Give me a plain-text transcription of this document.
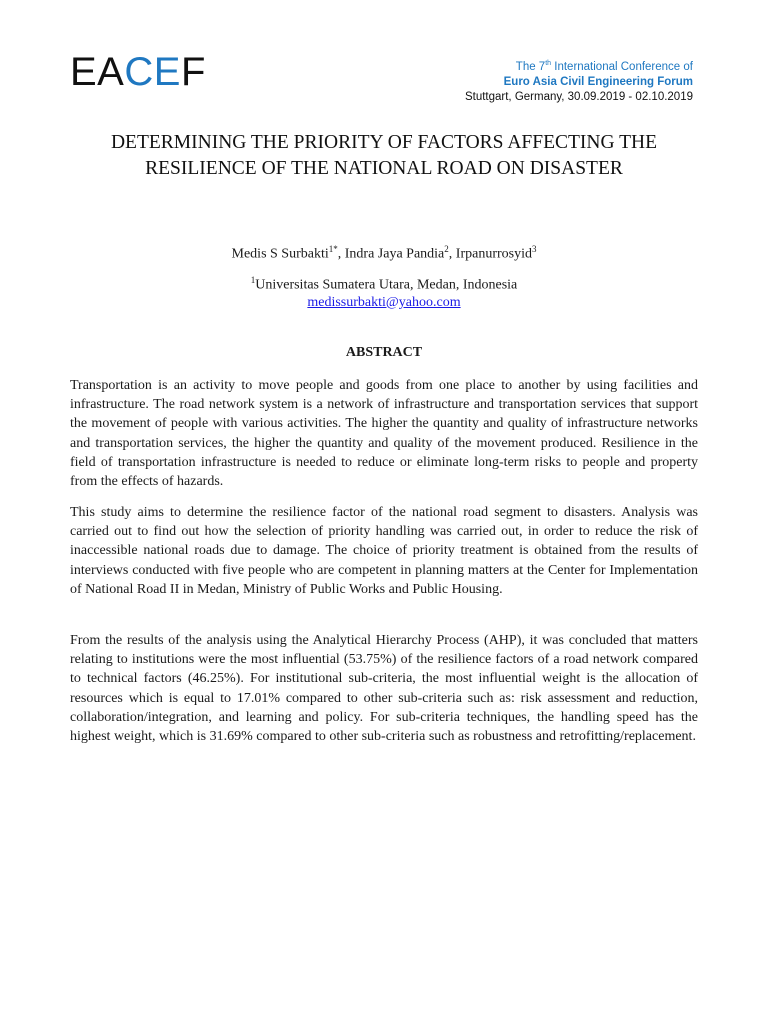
EACEF	The 7th International Conference of
Euro Asia Civil Engineering Forum
Stuttgart, Germany, 30.09.2019 - 02.10.2019
DETERMINING THE PRIORITY OF FACTORS AFFECTING THE
RESILIENCE OF THE NATIONAL ROAD ON DISASTER
Medis S Surbakti$^{1*}$, Indra Jaya Pandia$^2$, Irpanurrosyid$^3$
$^1$Universitas Sumatera Utara, Medan, Indonesia
medissurbakti@yahoo.com
ABSTRACT

Transportation is an activity to move people and goods from one place to another by using facilities and infrastructure. The road network system is a network of infrastructure and transportation services that support the movement of people with various activities. The higher the quantity and quality of infrastructure networks and transportation services, the higher the quantity and quality of the movement produced. Resilience in the field of transportation infrastructure is needed to reduce or eliminate long-term risks to people and property from the effects of hazards.

This study aims to determine the resilience factor of the national road segment to disasters. Analysis was carried out to find out how the selection of priority handling was carried out, in order to reduce the risk of inaccessible national roads due to damage. The choice of priority treatment is obtained from the results of interviews conducted with five people who are competent in planning matters at the Center for Implementation of National Road II in Medan, Ministry of Public Works and Public Housing.

From the results of the analysis using the Analytical Hierarchy Process (AHP), it was concluded that matters relating to institutions were the most influential (53.75%) of the resilience factors of a road network compared to technical factors (46.25%). For institutional sub-criteria, the most influential weight is the allocation of resources which is equal to 17.01% compared to other sub-criteria such as: risk assessment and reduction, collaboration/integration, and learning and policy. For sub-criteria techniques, the handling speed has the highest weight, which is 31.69% compared to other sub-criteria such as robustness and retrofitting/replacement.
